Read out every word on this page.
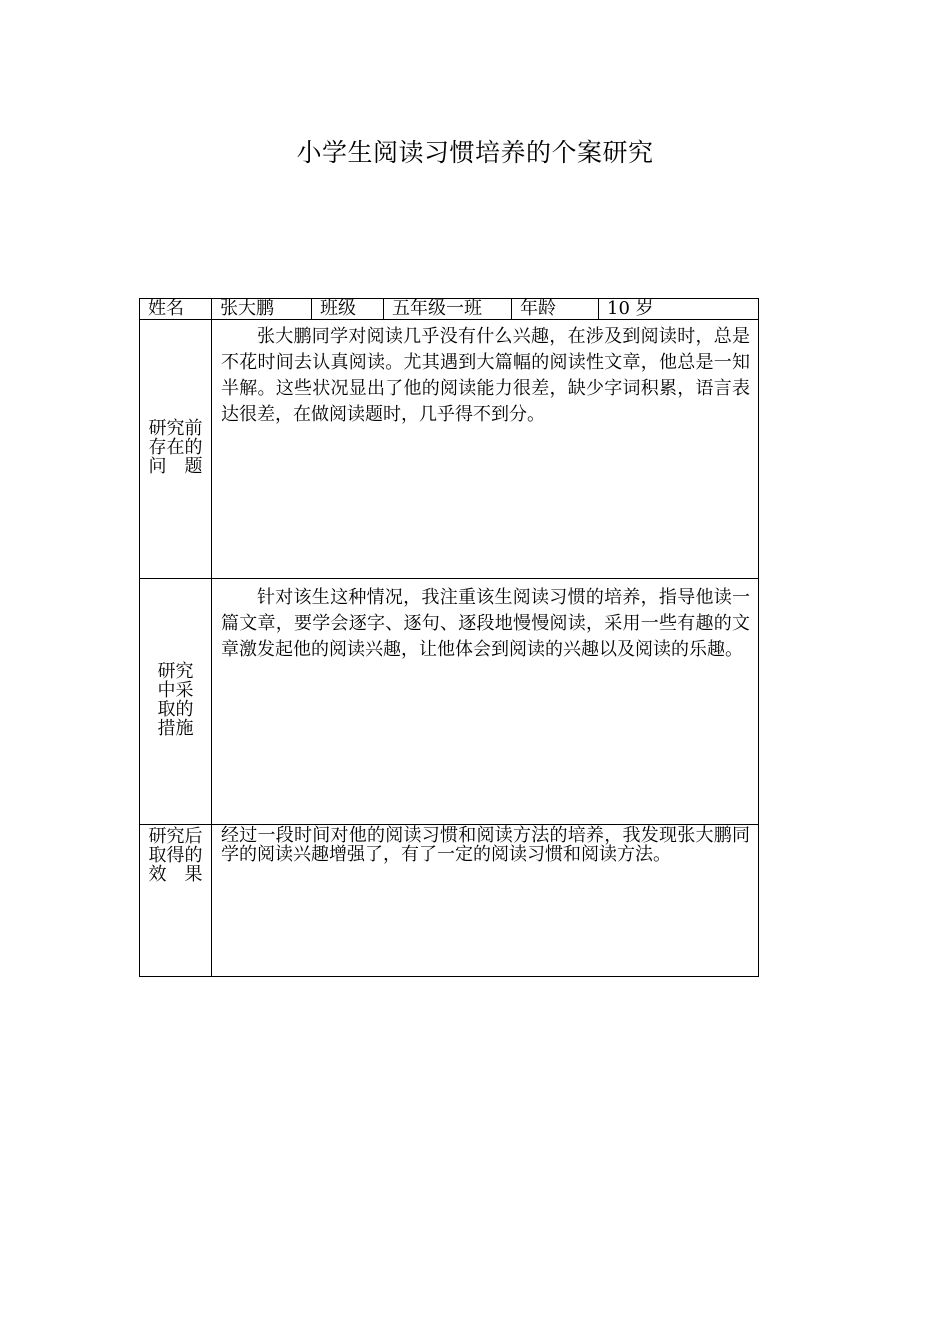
小学生阅读习惯培养的个案研究
姓名	张大鹏	班级	五年级一班	年龄	10 岁
研究前存在的问题	张大鹏同学对阅读几乎没有什么兴趣，在涉及到阅读时，总是不花时间去认真阅读。尤其遇到大篇幅的阅读性文章，他总是一知半解。这些状况显出了他的阅读能力很差，缺少字词积累，语言表达很差，在做阅读题时，几乎得不到分。				

研究中采取的措施	针对该生这种情况，我注重该生阅读习惯的培养，指导他读一篇文章，要学会逐字、逐句、逐段地慢慢阅读，采用一些有趣的文章激发起他的阅读兴趣，让他体会到阅读的兴趣以及阅读的乐趣。				

研究后取得的效果	经过一段时间对他的阅读习惯和阅读方法的培养，我发现张大鹏同学的阅读兴趣增强了，有了一定的阅读习惯和阅读方法。				
